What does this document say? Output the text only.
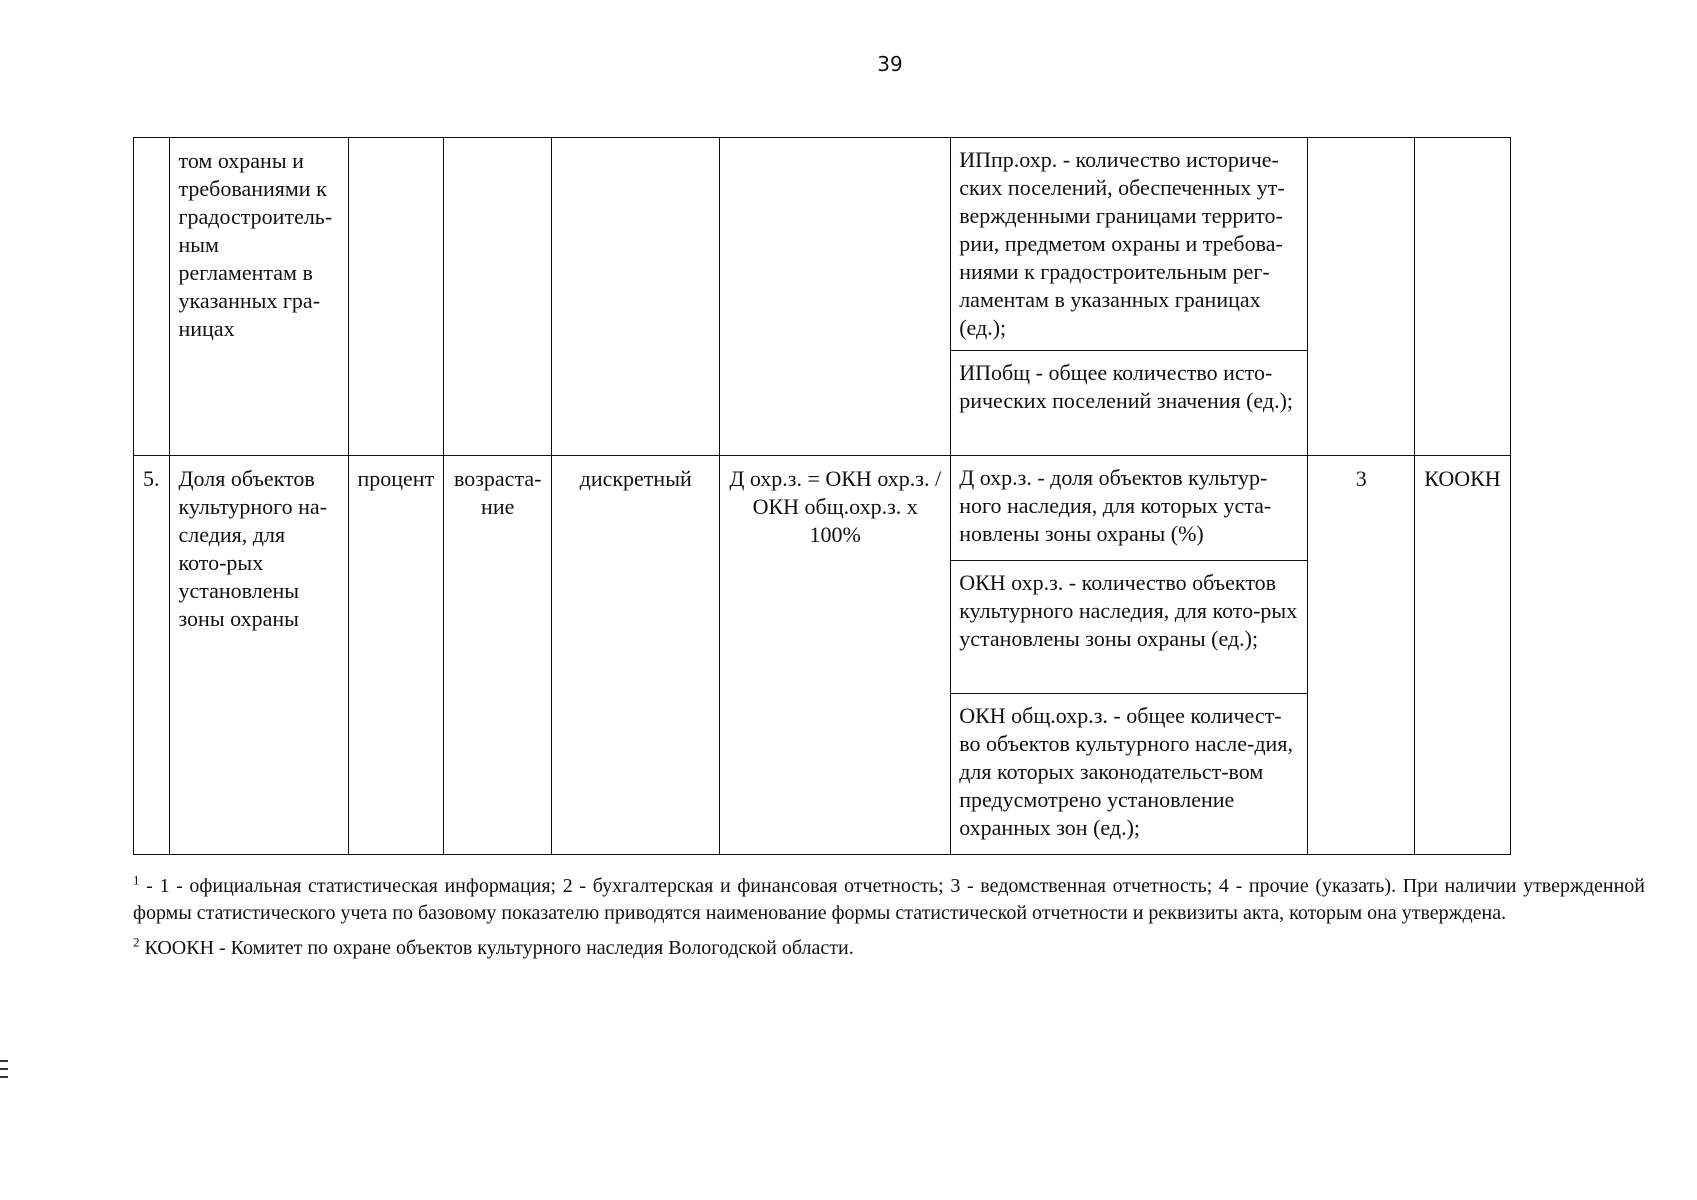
39
	том охраны и требованиями к градостроитель-ным регламентам в указанных гра-ницах					ИПпр.охр. - количество историче-ских поселений, обеспеченных ут-вержденными границами террито-рии, предметом охраны и требова-ниями к градостроительным рег-ламентам в указанных границах (ед.);		
						ИПобщ - общее количество исто-рических поселений значения (ед.);		
5.	Доля объектов культурного на-следия, для кото-рых установлены зоны охраны	процент	возраста-ние	дискретный	Д охр.з. = ОКН охр.з. / ОКН общ.охр.з. х 100%	Д охр.з. - доля объектов культур-ного наследия, для которых уста-новлены зоны охраны (%)	3	КООКН
						ОКН охр.з. - количество объектов культурного наследия, для кото-рых установлены зоны охраны (ед.);		
						ОКН общ.охр.з. - общее количест-во объектов культурного насле-дия, для которых законодательст-вом предусмотрено установление охранных зон (ед.);		
$^1$ - 1 - официальная статистическая информация; 2 - бухгалтерская и финансовая отчетность; 3 - ведомственная отчетность; 4 - прочие (указать). При наличии утвержденной формы статистического учета по базовому показателю приводятся наименование формы статистической отчетности и реквизиты акта, которым она утверждена.
$^2$ КООКН - Комитет по охране объектов культурного наследия Вологодской области.
